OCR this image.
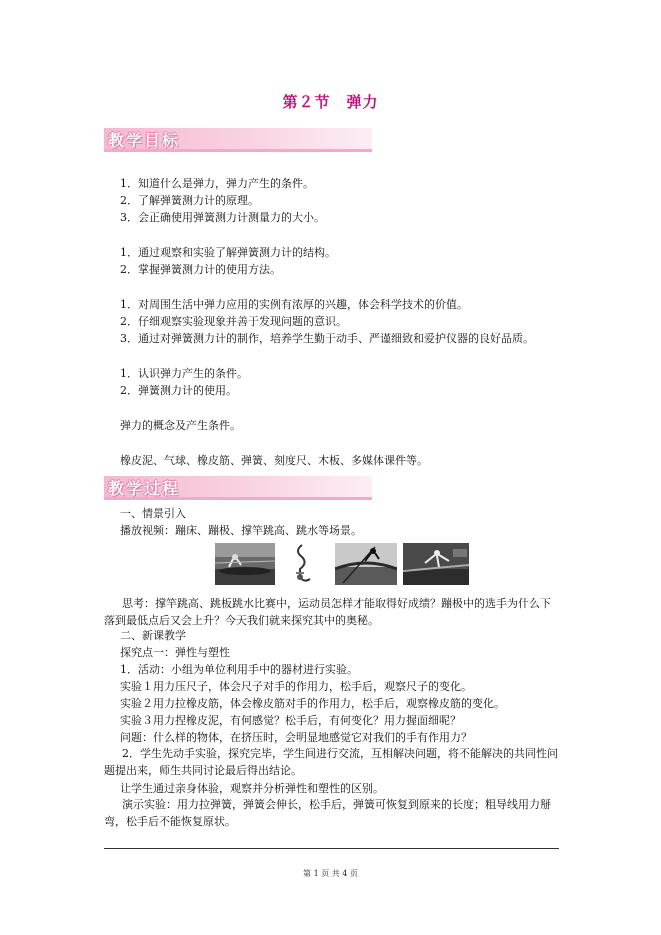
第２节　弹力
教学目标
1．知道什么是弹力，弹力产生的条件。
2．了解弹簧测力计的原理。
3．会正确使用弹簧测力计测量力的大小。
1．通过观察和实验了解弹簧测力计的结构。
2．掌握弹簧测力计的使用方法。
1．对周围生活中弹力应用的实例有浓厚的兴趣，体会科学技术的价值。
2．仔细观察实验现象并善于发现问题的意识。
3．通过对弹簧测力计的制作，培养学生勤于动手、严谨细致和爱护仪器的良好品质。
1．认识弹力产生的条件。
2．弹簧测力计的使用。
弹力的概念及产生条件。
橡皮泥、气球、橡皮筋、弹簧、刻度尺、木板、多媒体课件等。
教学过程
一、情景引入
播放视频：蹦床、蹦极、撑竿跳高、跳水等场景。
思考：撑竿跳高、跳板跳水比赛中，运动员怎样才能取得好成绩？蹦极中的选手为什么下落到最低点后又会上升？今天我们就来探究其中的奥秘。
二、新课教学
探究点一：弹性与塑性
1．活动：小组为单位利用手中的器材进行实验。
实验１用力压尺子，体会尺子对手的作用力，松手后，观察尺子的变化。
实验２用力拉橡皮筋，体会橡皮筋对手的作用力，松手后，观察橡皮筋的变化。
实验３用力捏橡皮泥，有何感觉？松手后，有何变化？用力握面细呢？
问题：什么样的物体，在挤压时，会明显地感觉它对我们的手有作用力？
2．学生先动手实验，探究完毕，学生间进行交流，互相解决问题，将不能解决的共同性问题提出来，师生共同讨论最后得出结论。
让学生通过亲身体验，观察并分析弹性和塑性的区别。
演示实验：用力拉弹簧，弹簧会伸长，松手后，弹簧可恢复到原来的长度；粗导线用力掰弯，松手后不能恢复原状。
第 1 页 共 4 页
